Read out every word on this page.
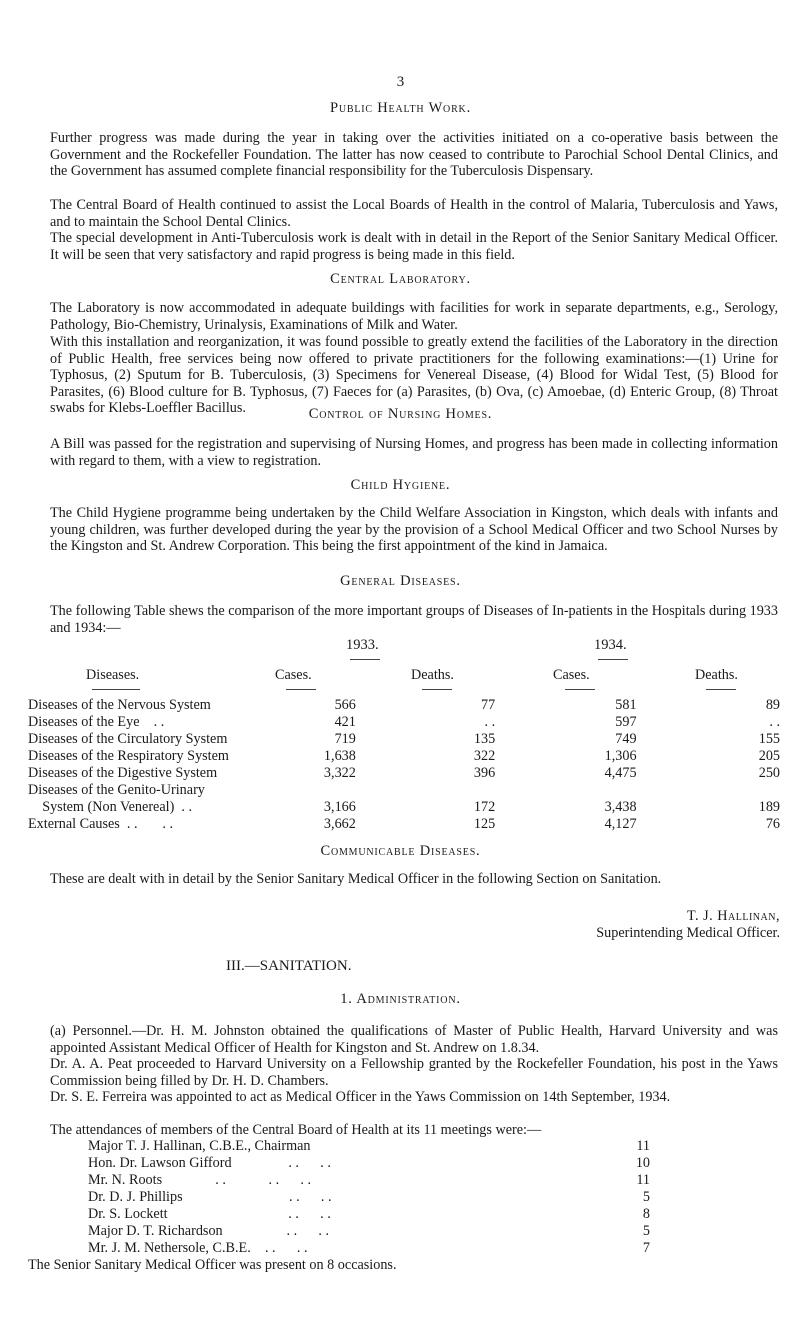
3
Public Health Work.
Further progress was made during the year in taking over the activities initiated on a co-operative basis between the Government and the Rockefeller Foundation. The latter has now ceased to contribute to Parochial School Dental Clinics, and the Government has assumed complete financial responsibility for the Tuberculosis Dispensary.
The Central Board of Health continued to assist the Local Boards of Health in the control of Malaria, Tuberculosis and Yaws, and to maintain the School Dental Clinics.
The special development in Anti-Tuberculosis work is dealt with in detail in the Report of the Senior Sanitary Medical Officer. It will be seen that very satisfactory and rapid progress is being made in this field.
Central Laboratory.
The Laboratory is now accommodated in adequate buildings with facilities for work in separate departments, e.g., Serology, Pathology, Bio-Chemistry, Urinalysis, Examinations of Milk and Water.
With this installation and reorganization, it was found possible to greatly extend the facilities of the Laboratory in the direction of Public Health, free services being now offered to private practitioners for the following examinations:—(1) Urine for Typhosus, (2) Sputum for B. Tuberculosis, (3) Specimens for Venereal Disease, (4) Blood for Widal Test, (5) Blood for Parasites, (6) Blood culture for B. Typhosus, (7) Faeces for (a) Parasites, (b) Ova, (c) Amoebae, (d) Enteric Group, (8) Throat swabs for Klebs-Loeffler Bacillus.	Control of Nursing Homes.
A Bill was passed for the registration and supervising of Nursing Homes, and progress has been made in collecting information with regard to them, with a view to registration.
Child Hygiene.
The Child Hygiene programme being undertaken by the Child Welfare Association in Kingston, which deals with infants and young children, was further developed during the year by the provision of a School Medical Officer and two School Nurses by the Kingston and St. Andrew Corporation. This being the first appointment of the kind in Jamaica.
General Diseases.
The following Table shews the comparison of the more important groups of Diseases of In-patients in the Hospitals during 1933 and 1934:—
1933.	1934.
Diseases.	Cases.	Deaths.	Cases.	Deaths.
Diseases of the Nervous System	566	77	581	89
Diseases of the Eye    . .	421	. .	597	. .
Diseases of the Circulatory System	719	135	749	155
Diseases of the Respiratory System	1,638	322	1,306	205
Diseases of the Digestive System	3,322	396	4,475	250
Diseases of the Genito-Urinary				
System (Non Venereal)  . .	3,166	172	3,438	189
External Causes  . .       . .	3,662	125	4,127	76
Communicable Diseases.
These are dealt with in detail by the Senior Sanitary Medical Officer in the following Section on Sanitation.
T. J. Hallinan,
Superintending Medical Officer.
III.—SANITATION.
1. Administration.
(a) Personnel.—Dr. H. M. Johnston obtained the qualifications of Master of Public Health, Harvard University and was appointed Assistant Medical Officer of Health for Kingston and St. Andrew on 1.8.34.
Dr. A. A. Peat proceeded to Harvard University on a Fellowship granted by the Rockefeller Foundation, his post in the Yaws Commission being filled by Dr. H. D. Chambers.
Dr. S. E. Ferreira was appointed to act as Medical Officer in the Yaws Commission on 14th September, 1934.
The attendances of members of the Central Board of Health at its 11 meetings were:—
Major T. J. Hallinan, C.B.E., Chairman	11
Hon. Dr. Lawson Gifford                . .      . .	10
Mr. N. Roots               . .            . .      . .	11
Dr. D. J. Phillips                              . .      . .	5
Dr. S. Lockett                                  . .      . .	8
Major D. T. Richardson                  . .      . .	5
Mr. J. M. Nethersole, C.B.E.    . .      . .	7
The Senior Sanitary Medical Officer was present on 8 occasions.
